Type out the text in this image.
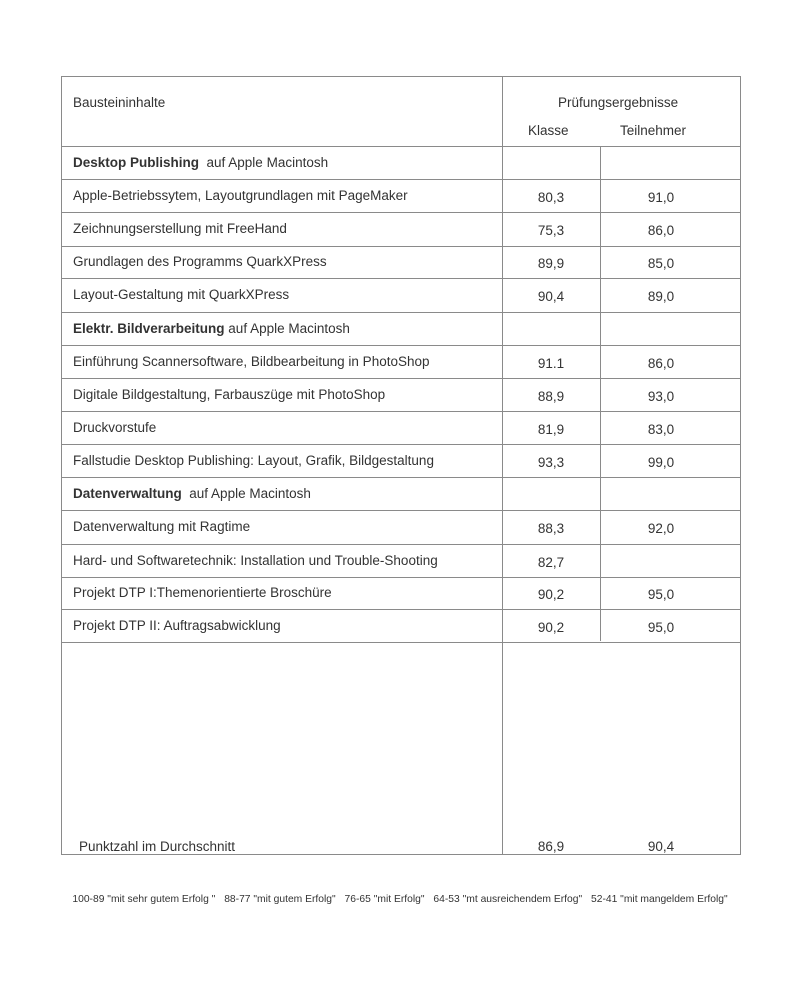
Bausteininhalte	Prüfungsergebnisse
Klasse	Teilnehmer
Desktop Publishing  auf Apple Macintosh
Apple-Betriebssytem, Layoutgrundlagen mit PageMaker	80,3	91,0
Zeichnungserstellung mit FreeHand	75,3	86,0
Grundlagen des Programms QuarkXPress	89,9	85,0
Layout-Gestaltung mit QuarkXPress	90,4	89,0
Elektr. Bildverarbeitung auf Apple Macintosh
Einführung Scannersoftware, Bildbearbeitung in PhotoShop	91.1	86,0
Digitale Bildgestaltung, Farbauszüge mit PhotoShop	88,9	93,0
Druckvorstufe	81,9	83,0
Fallstudie Desktop Publishing: Layout, Grafik, Bildgestaltung	93,3	99,0
Datenverwaltung  auf Apple Macintosh
Datenverwaltung mit Ragtime	88,3	92,0
Hard- und Softwaretechnik: Installation und Trouble-Shooting	82,7
Projekt DTP I:Themenorientierte Broschüre	90,2	95,0
Projekt DTP II: Auftragsabwicklung	90,2	95,0
Punktzahl im Durchschnitt	86,9	90,4
100-89 "mit sehr gutem Erfolg " 88-77 "mit gutem Erfolg" 76-65 "mit Erfolg" 64-53 "mt ausreichendem Erfog" 52-41 "mit mangeldem Erfolg"
